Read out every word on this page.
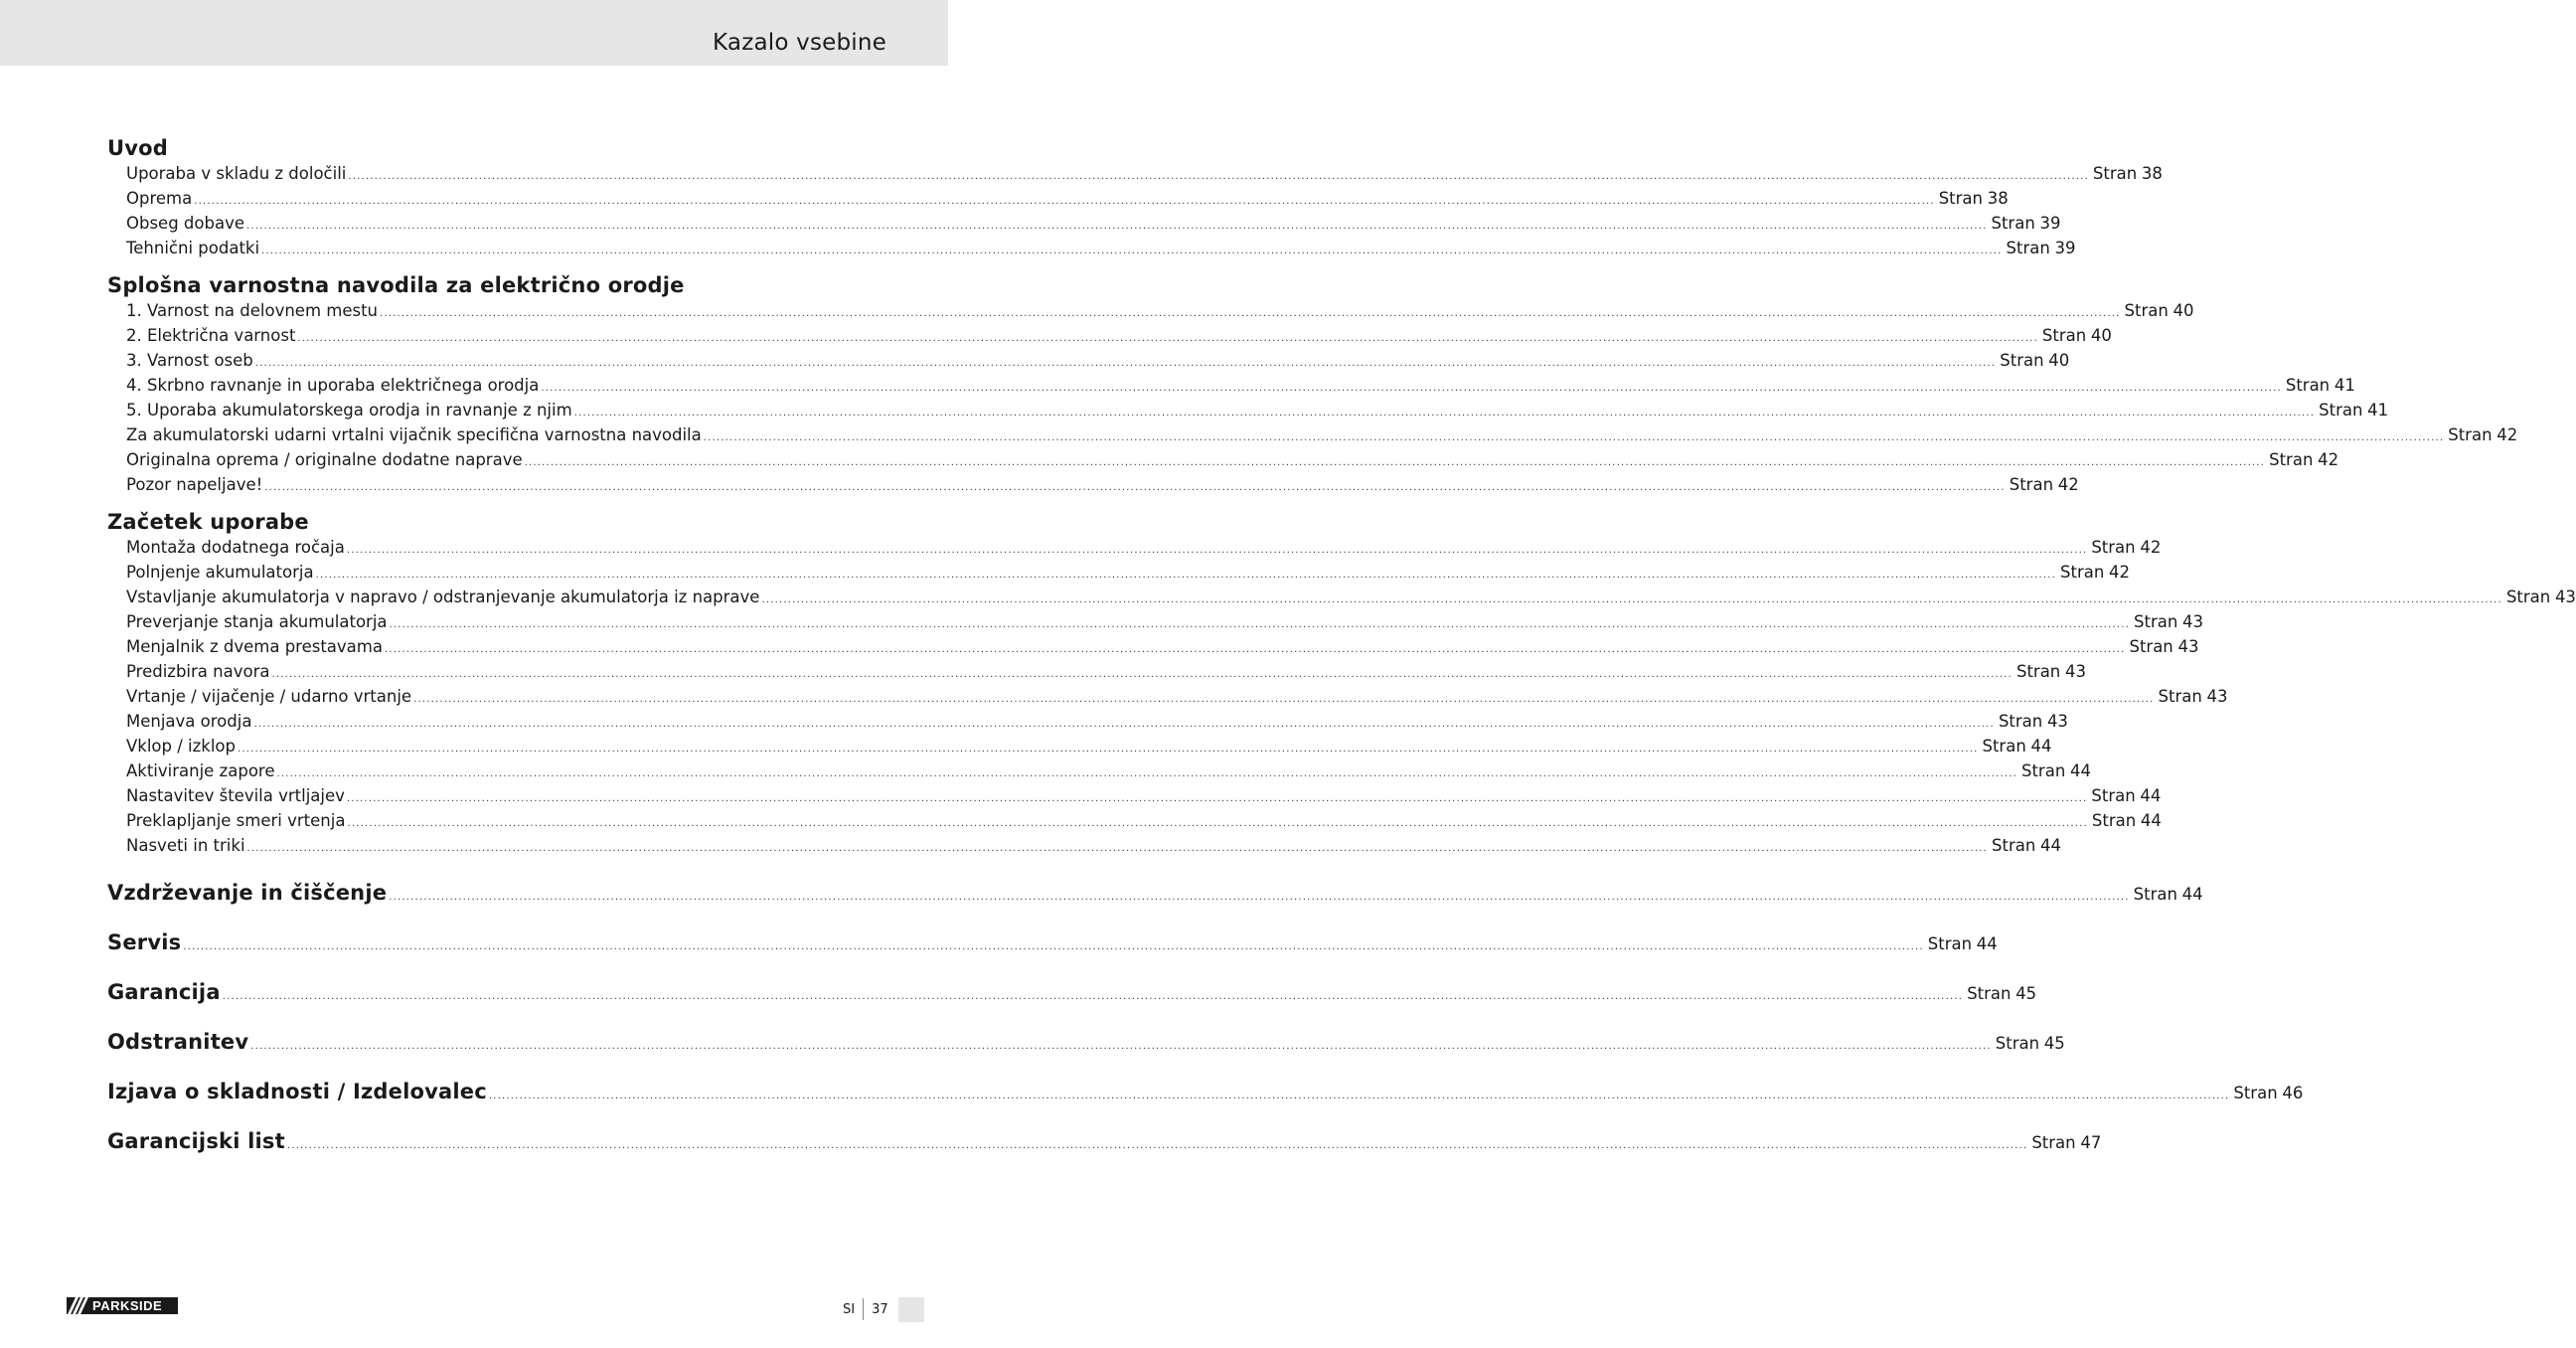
Kazalo vsebine
Uvod
Uporaba v skladu z določili ................................................................................................................................................................................................................................................................................................................................................................................................................ Stran 38
Oprema ................................................................................................................................................................................................................................................................................................................................................................................................................ Stran 38
Obseg dobave ................................................................................................................................................................................................................................................................................................................................................................................................................ Stran 39
Tehnični podatki ................................................................................................................................................................................................................................................................................................................................................................................................................ Stran 39
Splošna varnostna navodila za električno orodje
1. Varnost na delovnem mestu ................................................................................................................................................................................................................................................................................................................................................................................................................ Stran 40
2. Električna varnost ................................................................................................................................................................................................................................................................................................................................................................................................................ Stran 40
3. Varnost oseb ................................................................................................................................................................................................................................................................................................................................................................................................................ Stran 40
4. Skrbno ravnanje in uporaba električnega orodja ................................................................................................................................................................................................................................................................................................................................................................................................................ Stran 41
5. Uporaba akumulatorskega orodja in ravnanje z njim ................................................................................................................................................................................................................................................................................................................................................................................................................ Stran 41
Za akumulatorski udarni vrtalni vijačnik specifična varnostna navodila ................................................................................................................................................................................................................................................................................................................................................................................................................ Stran 42
Originalna oprema / originalne dodatne naprave ................................................................................................................................................................................................................................................................................................................................................................................................................ Stran 42
Pozor napeljave! ................................................................................................................................................................................................................................................................................................................................................................................................................ Stran 42
Začetek uporabe
Montaža dodatnega ročaja ................................................................................................................................................................................................................................................................................................................................................................................................................ Stran 42
Polnjenje akumulatorja ................................................................................................................................................................................................................................................................................................................................................................................................................ Stran 42
Vstavljanje akumulatorja v napravo / odstranjevanje akumulatorja iz naprave ................................................................................................................................................................................................................................................................................................................................................................................................................ Stran 43
Preverjanje stanja akumulatorja ................................................................................................................................................................................................................................................................................................................................................................................................................ Stran 43
Menjalnik z dvema prestavama ................................................................................................................................................................................................................................................................................................................................................................................................................ Stran 43
Predizbira navora ................................................................................................................................................................................................................................................................................................................................................................................................................ Stran 43
Vrtanje / vijačenje / udarno vrtanje ................................................................................................................................................................................................................................................................................................................................................................................................................ Stran 43
Menjava orodja ................................................................................................................................................................................................................................................................................................................................................................................................................ Stran 43
Vklop / izklop ................................................................................................................................................................................................................................................................................................................................................................................................................ Stran 44
Aktiviranje zapore ................................................................................................................................................................................................................................................................................................................................................................................................................ Stran 44
Nastavitev števila vrtljajev ................................................................................................................................................................................................................................................................................................................................................................................................................ Stran 44
Preklapljanje smeri vrtenja ................................................................................................................................................................................................................................................................................................................................................................................................................ Stran 44
Nasveti in triki ................................................................................................................................................................................................................................................................................................................................................................................................................ Stran 44
Vzdrževanje in čiščenje ................................................................................................................................................................................................................................................................................................................................................................................................................ Stran 44
Servis ................................................................................................................................................................................................................................................................................................................................................................................................................ Stran 44
Garancija ................................................................................................................................................................................................................................................................................................................................................................................................................ Stran 45
Odstranitev ................................................................................................................................................................................................................................................................................................................................................................................................................ Stran 45
Izjava o skladnosti / Izdelovalec ................................................................................................................................................................................................................................................................................................................................................................................................................ Stran 46
Garancijski list ................................................................................................................................................................................................................................................................................................................................................................................................................ Stran 47
PARKSIDE	SI 37
